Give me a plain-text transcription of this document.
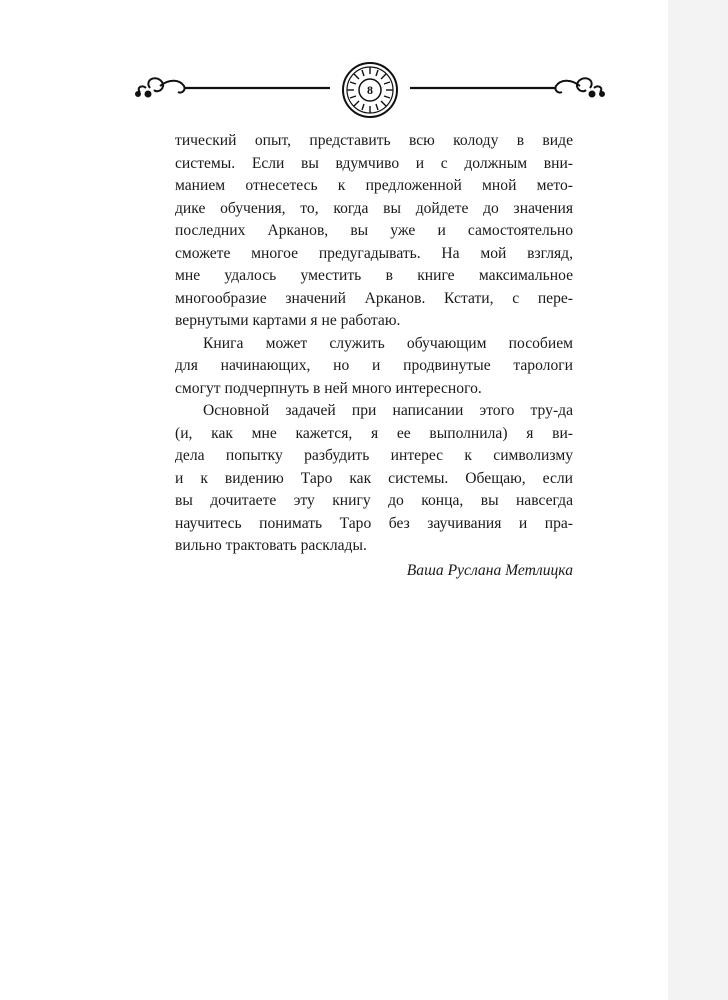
8

тический опыт, представить всю колоду в виде
системы. Если вы вдумчиво и с должным вни-
манием отнесетесь к предложенной мной мето-
дике обучения, то, когда вы дойдете до значения
последних Арканов, вы уже и самостоятельно
сможете многое предугадывать. На мой взгляд,
мне удалось уместить в книге максимальное
многообразие значений Арканов. Кстати, с пере-
вернутыми картами я не работаю.

Книга может служить обучающим пособием
для начинающих, но и продвинутые тарологи
смогут подчерпнуть в ней много интересного.

Основной задачей при написании этого тру-да
(и, как мне кажется, я ее выполнила) я ви-
дела попытку разбудить интерес к символизму
и к видению Таро как системы. Обещаю, если
вы дочитаете эту книгу до конца, вы навсегда
научитесь понимать Таро без заучивания и пра-
вильно трактовать расклады.

Ваша Руслана Метлицка
